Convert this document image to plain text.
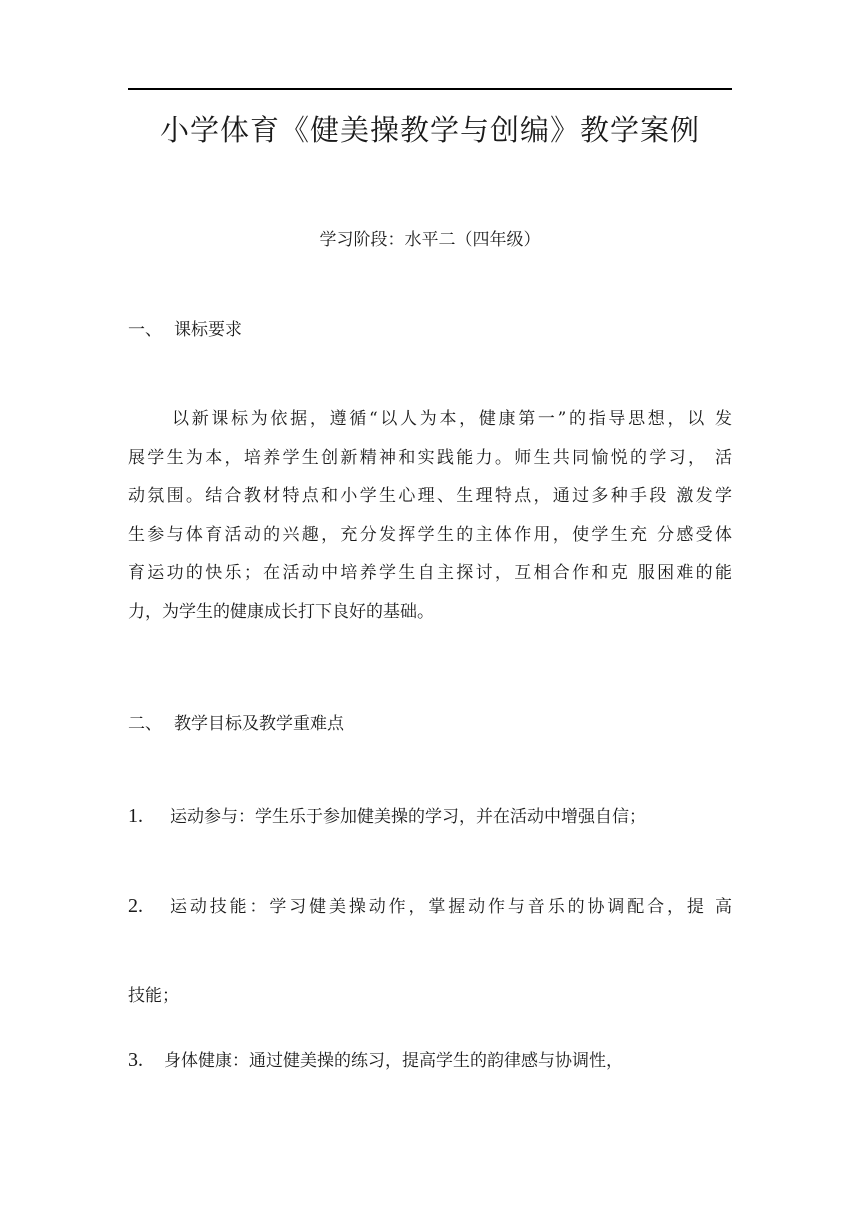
小学体育《健美操教学与创编》教学案例
学习阶段：水平二（四年级）
一、 课标要求
以新课标为依据，遵循“以人为本，健康第一”的指导思想，以 发
展学生为本，培养学生创新精神和实践能力。师生共同愉悦的学习， 活
动氛围。结合教材特点和小学生心理、生理特点，通过多种手段 激发学
生参与体育活动的兴趣，充分发挥学生的主体作用，使学生充 分感受体
育运功的快乐；在活动中培养学生自主探讨，互相合作和克 服困难的能
力，为学生的健康成长打下良好的基础。
二、 教学目标及教学重难点
1. 运动参与：学生乐于参加健美操的学习，并在活动中增强自信；
2. 运动技能：学习健美操动作，掌握动作与音乐的协调配合，提 高
技能；
3. 身体健康：通过健美操的练习，提高学生的韵律感与协调性，
